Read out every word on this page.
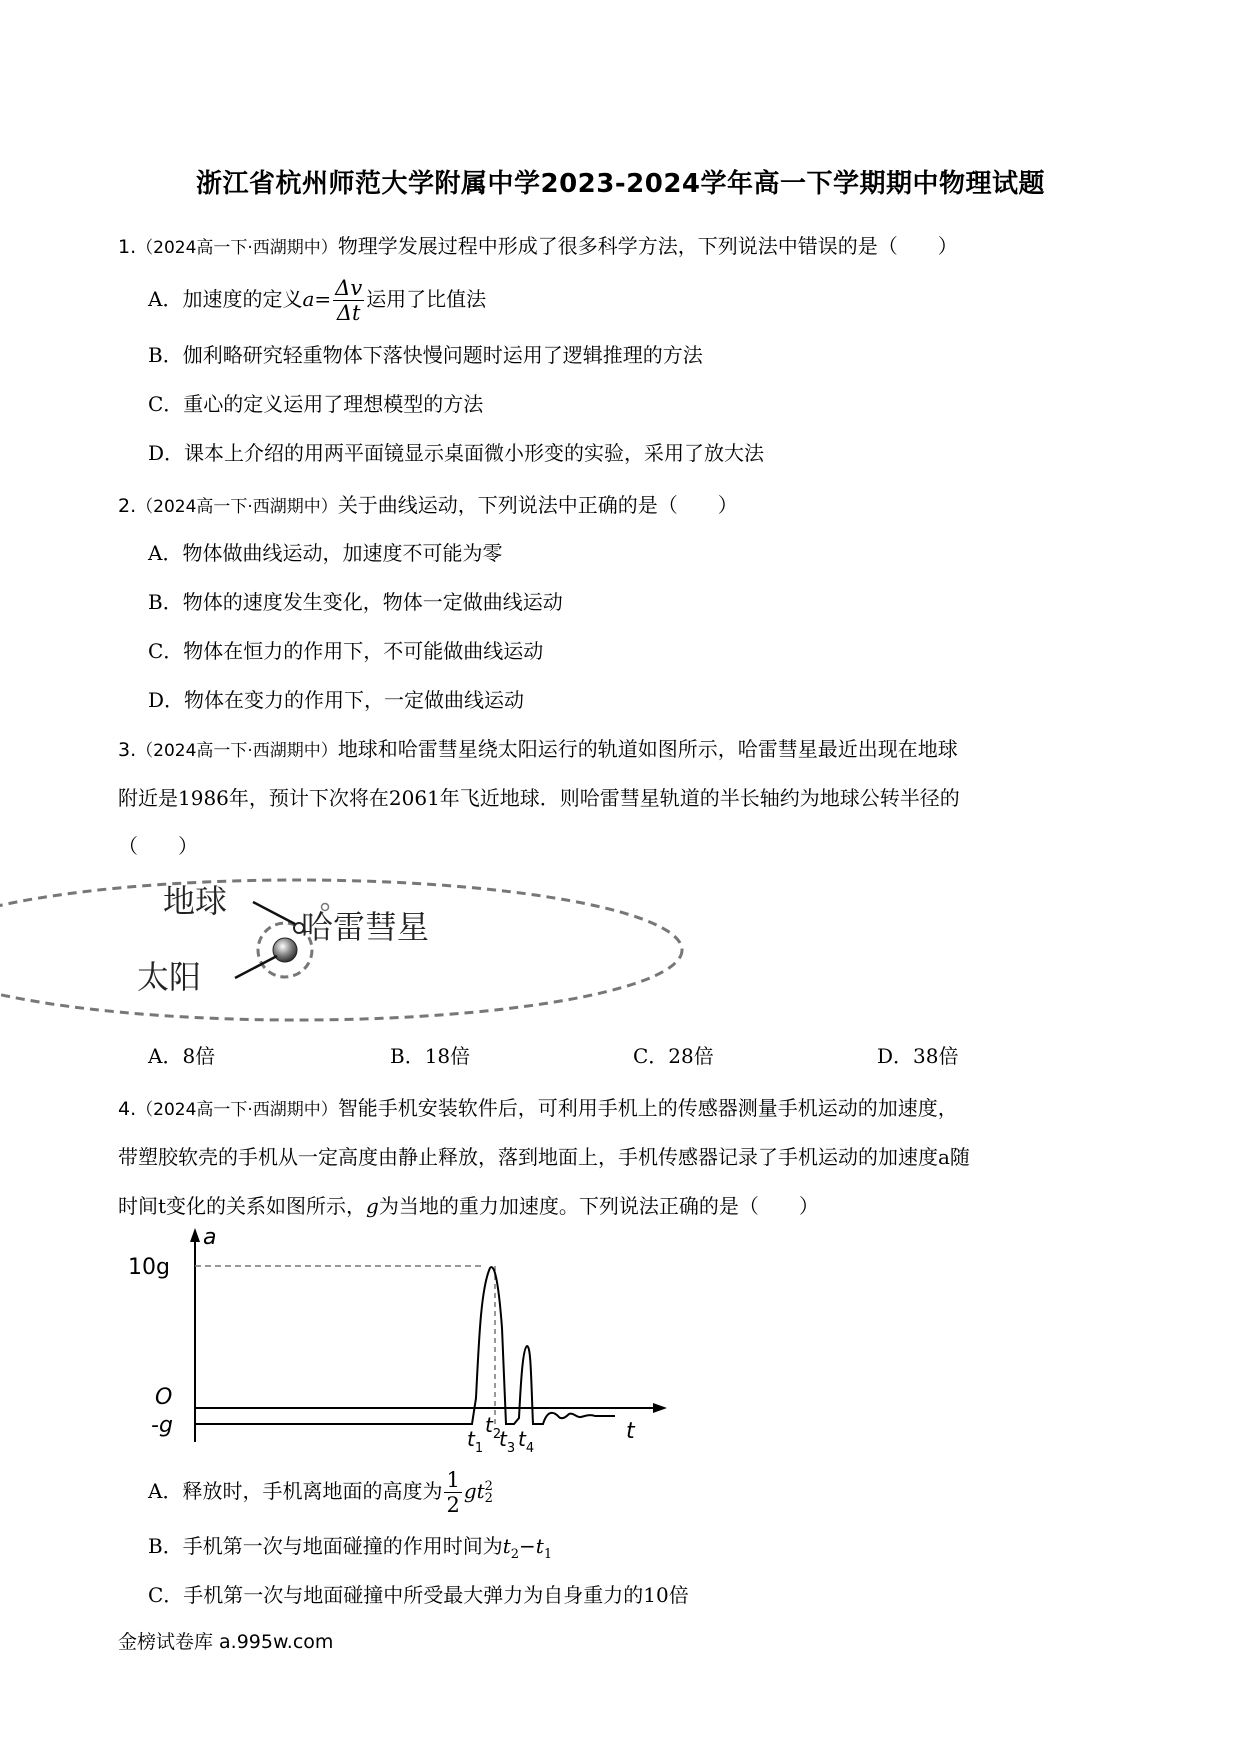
浙江省杭州师范大学附属中学2023-2024学年高一下学期期中物理试题
1.（2024高一下·西湖期中）物理学发展过程中形成了很多科学方法，下列说法中错误的是（　　）
A．加速度的定义$a= \frac{\Delta v}{\Delta t}$ 运用了比值法
B．伽利略研究轻重物体下落快慢问题时运用了逻辑推理的方法
C．重心的定义运用了理想模型的方法
D．课本上介绍的用两平面镜显示桌面微小形变的实验，采用了放大法
2.（2024高一下·西湖期中）关于曲线运动，下列说法中正确的是（　　）
A．物体做曲线运动，加速度不可能为零
B．物体的速度发生变化，物体一定做曲线运动
C．物体在恒力的作用下，不可能做曲线运动
D．物体在变力的作用下，一定做曲线运动
3.（2024高一下·西湖期中）地球和哈雷彗星绕太阳运行的轨道如图所示，哈雷彗星最近出现在地球
附近是1986年，预计下次将在2061年飞近地球．则哈雷彗星轨道的半长轴约为地球公转半径的
（　　）
地球
哈雷彗星
太阳
A．8倍	B．18倍	C．28倍	D．38倍
4.（2024高一下·西湖期中）智能手机安装软件后，可利用手机上的传感器测量手机运动的加速度，
带塑胶软壳的手机从一定高度由静止释放，落到地面上，手机传感器记录了手机运动的加速度a随
时间t变化的关系如图所示，g为当地的重力加速度。下列说法正确的是（　　）
a
t
10g
O
-g
$t_1$
$t_2$
$t_3$ $t_4$
A．释放时，手机离地面的高度为 $\frac{1}{2}$ gt 2
2
B．手机第一次与地面碰撞的作用时间为$t_2-t_1$
C．手机第一次与地面碰撞中所受最大弹力为自身重力的10倍
金榜试卷库 a.995w.com
